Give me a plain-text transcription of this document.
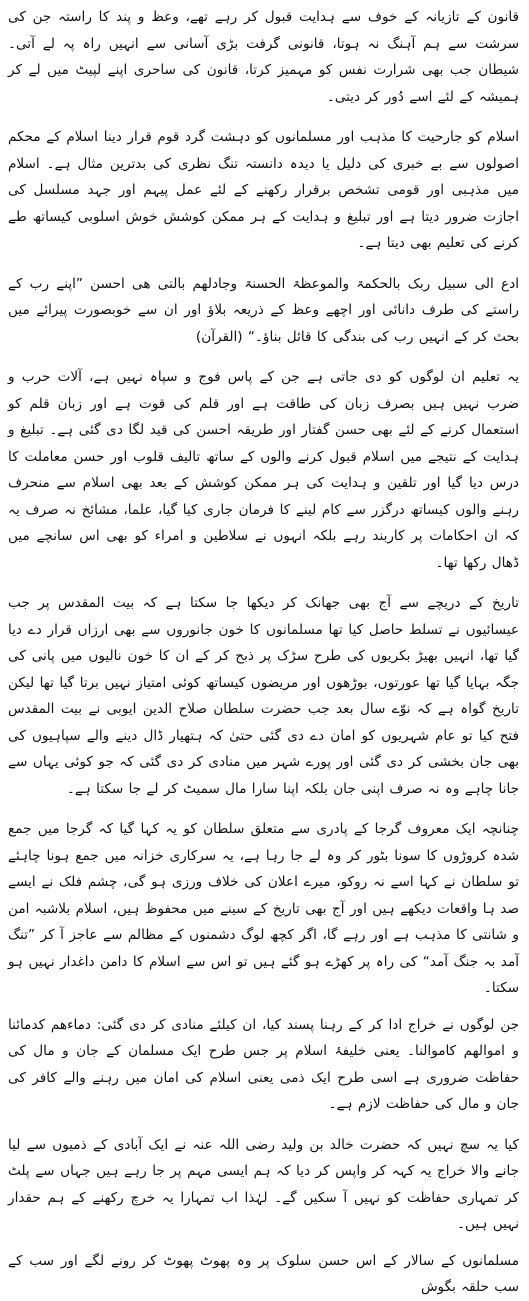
قانون کے تازیانہ کے خوف سے ہدایت قبول کر رہے تھے، وعظ و پند کا راستہ جن کی سرشت سے ہم آہنگ نہ ہوتا، قانونی گرفت بڑی آسانی سے انہیں راہ پہ لے آتی۔ شیطان جب بھی شرارت نفس کو مہمیز کرتا، قانون کی ساحری اپنے لپیٹ میں لے کر ہمیشہ کے لئے اسے دُور کر دیتی۔

اسلام کو جارحیت کا مذہب اور مسلمانوں کو دہشت گرد قوم قرار دینا اسلام کے محکم اصولوں سے بے خبری کی دلیل یا دیدہ دانستہ تنگ نظری کی بدترین مثال ہے۔ اسلام میں مذہبی اور قومی تشخص برقرار رکھنے کے لئے عمل پیہم اور جہد مسلسل کی اجازت ضرور دیتا ہے اور تبلیغ و ہدایت کے ہر ممکن کوشش خوش اسلوبی کیساتھ طے کرنے کی تعلیم بھی دیتا ہے۔

ادع الی سبیل ربک بالحکمۃ والموعظۃ الحسنۃ وجادلھم بالتی ھی احسن ”اپنے رب کے راستے کی طرف دانائی اور اچھے وعظ کے ذریعہ بلاؤ اور ان سے خوبصورت پیرائے میں بحث کر کے انہیں رب کی بندگی کا قائل بناؤ۔“ (القرآن)

یہ تعلیم ان لوگوں کو دی جاتی ہے جن کے پاس فوج و سپاہ نہیں ہے، آلات حرب و ضرب نہیں ہیں بصرف زبان کی طاقت ہے اور قلم کی قوت ہے اور زبان قلم کو استعمال کرنے کے لئے بھی حسن گفتار اور طریقہ احسن کی قید لگا دی گئی ہے۔ تبلیغ و ہدایت کے نتیجے میں اسلام قبول کرنے والوں کے ساتھ تالیف قلوب اور حسن معاملت کا درس دیا گیا اور تلقین و ہدایت کی ہر ممکن کوشش کے بعد بھی اسلام سے منحرف رہنے والوں کیساتھ درگزر سے کام لینے کا فرمان جاری کیا گیا، علما، مشائخ نہ صرف یہ کہ ان احکامات پر کاربند رہے بلکہ انہوں نے سلاطین و امراء کو بھی اس سانچے میں ڈھال رکھا تھا۔

تاریخ کے دریچے سے آج بھی جھانک کر دیکھا جا سکتا ہے کہ بیت المقدس پر جب عیسائیوں نے تسلط حاصل کیا تھا مسلمانوں کا خون جانوروں سے بھی ارزاں قرار دے دیا گیا تھا، انہیں بھیڑ بکریوں کی طرح سڑک پر ذبح کر کے ان کا خون نالیوں میں پانی کی جگہ بہایا گیا تھا عورتوں، بوڑھوں اور مریضوں کیساتھ کوئی امتیاز نہیں برتا گیا تھا لیکن تاریخ گواہ ہے کہ نوّے سال بعد جب حضرت سلطان صلاح الدین ایوبی نے بیت المقدس فتح کیا تو عام شہریوں کو امان دے دی گئی حتیٰ کہ ہتھیار ڈال دینے والے سپاہیوں کی بھی جان بخشی کر دی گئی اور پورے شہر میں منادی کر دی گئی کہ جو کوئی یہاں سے جانا چاہے وہ نہ صرف اپنی جان بلکہ اپنا سارا مال سمیٹ کر لے جا سکتا ہے۔

چنانچہ ایک معروف گرجا کے پادری سے متعلق سلطان کو یہ کہا گیا کہ گرجا میں جمع شدہ کروڑوں کا سونا بٹور کر وہ لے جا رہا ہے، یہ سرکاری خزانہ میں جمع ہونا چاہئے تو سلطان نے کہا اسے نہ روکو، میرے اعلان کی خلاف ورزی ہو گی، چشم فلک نے ایسے صد ہا واقعات دیکھے ہیں اور آج بھی تاریخ کے سینے میں محفوظ ہیں، اسلام بلاشبہ امن و شانتی کا مذہب ہے اور رہے گا، اگر کچھ لوگ دشمنوں کے مظالم سے عاجز آ کر ”تنگ آمد بہ جنگ آمد“ کی راہ پر کھڑے ہو گئے ہیں تو اس سے اسلام کا دامن داغدار نہیں ہو سکتا۔

جن لوگوں نے خراج ادا کر کے رہنا پسند کیا، ان کیلئے منادی کر دی گئی: دماءھم کدمائنا و اموالھم کاموالنا۔ یعنی خلیفۂ اسلام پر جس طرح ایک مسلمان کے جان و مال کی حفاظت ضروری ہے اسی طرح ایک ذمی یعنی اسلام کی امان میں رہنے والے کافر کی جان و مال کی حفاظت لازم ہے۔

کیا یہ سچ نہیں کہ حضرت خالد بن ولید رضی اللہ عنہ نے ایک آبادی کے ذمیوں سے لیا جانے والا خراج یہ کہہ کر واپس کر دیا کہ ہم ایسی مہم پر جا رہے ہیں جہاں سے پلٹ کر تمہاری حفاظت کو نہیں آ سکیں گے۔ لہٰذا اب تمہارا یہ خرچ رکھنے کے ہم حقدار نہیں ہیں۔

مسلمانوں کے سالار کے اس حسن سلوک پر وہ پھوٹ پھوٹ کر رونے لگے اور سب کے سب حلقہ بگوش
